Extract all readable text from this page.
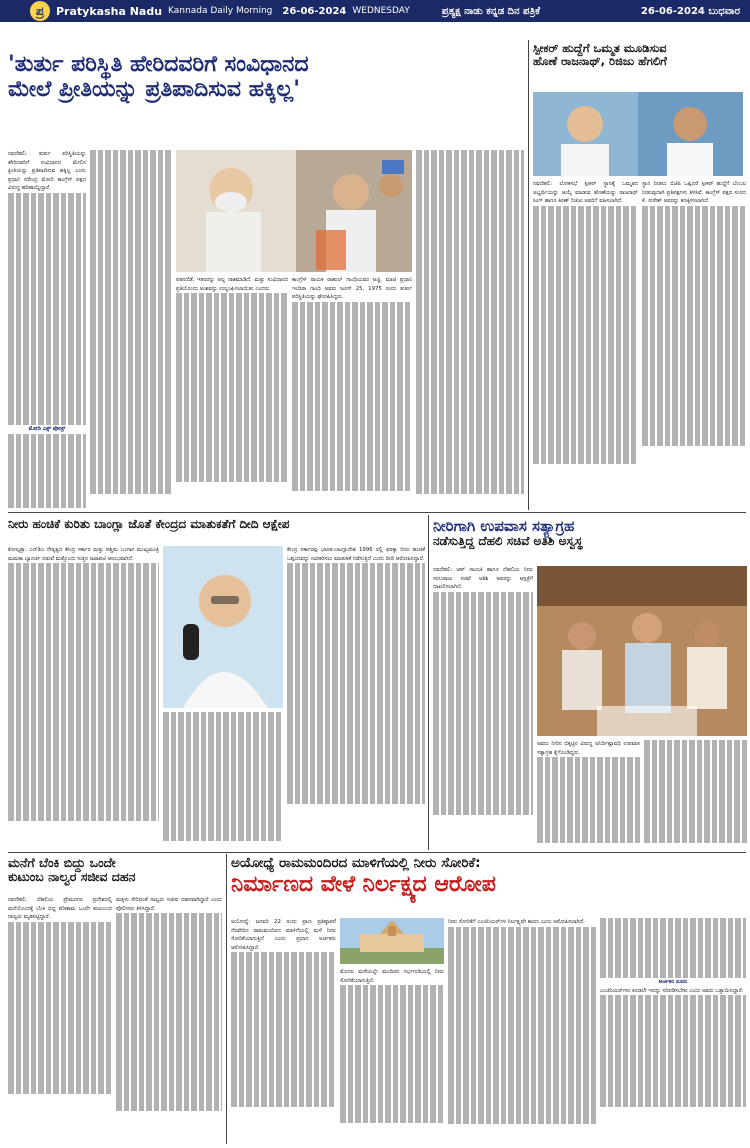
ಪ್ರ	Pratykasha Nadu Kannada Daily Morning 26-06-2024 WEDNESDAY	ಪ್ರತ್ಯಕ್ಷ ನಾಡು ಕನ್ನಡ ದಿನ ಪತ್ರಿಕೆ	26-06-2024 ಬುಧವಾರ
'ತುರ್ತು ಪರಿಸ್ಥಿತಿ ಹೇರಿದವರಿಗೆ ಸಂವಿಧಾನದ
ಮೇಲೆ ಪ್ರೀತಿಯನ್ನು ಪ್ರತಿಪಾದಿಸುವ ಹಕ್ಕಿಲ್ಲ'
ನವದೆಹಲಿ: ತುರ್ತು ಪರಿಸ್ಥಿತಿಯನ್ನು ಹೇರಿದವರಿಗೆ ಸಂವಿಧಾನದ ಮೇಲಿನ ಪ್ರೀತಿಯನ್ನು ಪ್ರತಿಪಾದಿಸುವ ಹಕ್ಕಿಲ್ಲ ಎಂದು ಪ್ರಧಾನಿ ನರೇಂದ್ರ ಮೋದಿ ಕಾಂಗ್ರೆಸ್ ಪಕ್ಷದ ವಿರುದ್ಧ ಹರಿಹಾಯ್ದಿದ್ದಾರೆ.
ಮೋದಿ ಎಕ್ಸ್ ಪೋಸ್ಟ್
ಪತನದೆಡೆ, ಇತರರನ್ನು ಅಲ್ಲ ನಾಶಮಾಡಿದೆ. ಮತ್ತು ಸಂವಿಧಾನದ ಪ್ರತಿಯೊಂದು ಅಂಶವನ್ನು ಉಲ್ಲಂಘಿಸಲಾಯಿತು ಎಂದರು.
ಕಾಂಗ್ರೆಸ್ ನಾಯಕ ರಾಹುಲ್ ಗಾಂಧಿಯವರ ಅಜ್ಜಿ, ಮಾಜಿ ಪ್ರಧಾನಿ ಇಂದಿರಾ ಗಾಂಧಿ ಅವರು ಜೂನ್ 25, 1975 ರಂದು ತುರ್ತು ಪರಿಸ್ಥಿತಿಯನ್ನು ಘೋಷಿಸಿದ್ದರು.
ಸ್ಪೀಕರ್ ಹುದ್ದೆಗೆ ಒಮ್ಮತ ಮೂಡಿಸುವ
ಹೊಣೆ ರಾಜನಾಥ್, ರಿಜಿಜು ಹೆಗಲಿಗೆ
ನವದೆಹಲಿ: ಲೋಕಸಭೆ ಸ್ಪೀಕರ್ ಸ್ಥಾನಕ್ಕೆ ಒಮ್ಮತದ ಅಭ್ಯರ್ಥಿಯನ್ನು ಆಯ್ಕೆ ಮಾಡುವ ಹೊಣೆಯನ್ನು ರಾಜನಾಥ್ ಸಿಂಗ್ ಹಾಗೂ ಕಿರಣ್ ರಿಜಿಜು ಅವರಿಗೆ ವಹಿಸಲಾಗಿದೆ.
ಸ್ಥಾನ ನೀಡಲು ಬಿಜೆಪಿ ಒಪ್ಪಿದರೆ ಸ್ಪೀಕರ್ ಹುದ್ದೆಗೆ ಬೆಂಬಲ ನೀಡುವುದಾಗಿ ಪ್ರತಿಪಕ್ಷಗಳು ತಿಳಿಸಿವೆ. ಕಾಂಗ್ರೆಸ್ ಪಕ್ಷದ ಸಂಸದ ಕೆ. ಸುರೇಶ್ ಅವರನ್ನು ಕಣಕ್ಕಿಳಿಸಲಾಗಿದೆ.
ನೀರು ಹಂಚಿಕೆ ಕುರಿತು ಬಾಂಗ್ಲಾ ಜೊತೆ ಕೇಂದ್ರದ ಮಾತುಕತೆಗೆ ದೀದಿ ಆಕ್ಷೇಪ
ಕೋಲ್ಕತ್ತಾ: ಎನ್‌ಡಿಎ ನೇತೃತ್ವದ ಕೇಂದ್ರ ಸರ್ಕಾರ ಮತ್ತು ಪಶ್ಚಿಮ ಬಂಗಾಳ ಮುಖ್ಯಮಂತ್ರಿ ಮಮತಾ ಬ್ಯಾನರ್ಜಿ ನಡುವೆ ಮತ್ತೊಂದು ಸುತ್ತಿನ ಜಟಾಪಟಿ ಆರಂಭವಾಗಿದೆ.
ಕೇಂದ್ರ ಸರ್ಕಾರವು ಭಾರತ-ಬಾಂಗ್ಲಾದೇಶ 1996 ರಲ್ಲಿ ಫರಕ್ಕಾ ನೀರು ಹಂಚಿಕೆ ಒಪ್ಪಂದವನ್ನು ನವೀಕರಿಸಲು ಮಾತುಕತೆ ನಡೆಸುತ್ತಿದೆ ಎಂದು ದೀದಿ ಆರೋಪಿಸಿದ್ದಾರೆ.
ನೀರಿಗಾಗಿ ಉಪವಾಸ ಸತ್ಯಾಗ್ರಹ
ನಡೆಸುತ್ತಿದ್ದ ದೆಹಲಿ ಸಚಿವೆ ಅತಿಶಿ ಅಸ್ವಸ್ಥ
ನವದೆಹಲಿ: ಆಪ್ ನಾಯಕಿ ಹಾಗೂ ದೆಹಲಿಯ ನೀರು ಸರಬರಾಜು ಸಚಿವೆ ಅತಿಶಿ ಅವರನ್ನು ಆಸ್ಪತ್ರೆಗೆ ದಾಖಲಿಸಲಾಗಿದೆ.
ಅವರು ನೀರಿನ ಬಿಕ್ಕಟ್ಟಿನ ವಿರುದ್ಧ ಅನಿರ್ದಿಷ್ಟಾವಧಿ ಉಪವಾಸ ಸತ್ಯಾಗ್ರಹ ಕೈಗೊಂಡಿದ್ದರು.
ಮನೆಗೆ ಬೆಂಕಿ ಬಿದ್ದು ಒಂದೇ
ಕುಟುಂಬ ನಾಲ್ವರ ಸಜೀವ ದಹನ
ನವದೆಹಲಿ: ದೆಹಲಿಯ ಪ್ರೇಮನಗರ ಪ್ರದೇಶದಲ್ಲಿ ಮನೆಯೊಂದಕ್ಕೆ ಬೆಂಕಿ ಬಿದ್ದ ಪರಿಣಾಮ ಒಂದೇ ಕುಟುಂಬದ ನಾಲ್ವರು ಮೃತಪಟ್ಟಿದ್ದಾರೆ.
ಮಕ್ಕಳು ಸೇರಿದಂತೆ ನಾಲ್ವರು ಸಜೀವ ದಹನವಾಗಿದ್ದಾರೆ ಎಂದು ಪೊಲೀಸರು ತಿಳಿಸಿದ್ದಾರೆ.
ಅಯೋಧ್ಯೆ ರಾಮಮಂದಿರದ ಮಾಳಿಗೆಯಲ್ಲಿ ನೀರು ಸೋರಿಕೆ:
ನಿರ್ಮಾಣದ ವೇಳೆ ನಿರ್ಲಕ್ಷ್ಯದ ಆರೋಪ
ಅಯೋಧ್ಯೆ: ಜನವರಿ 22 ರಂದು ಪ್ರಾಣ ಪ್ರತಿಷ್ಠಾಪನೆ ನೆರವೇರಿದ ರಾಮಮಂದಿರದ ಮಾಳಿಗೆಯಲ್ಲಿ ಮಳೆ ನೀರು ಸೋರಿಕೆಯಾಗುತ್ತಿದೆ ಎಂದು ಪ್ರಧಾನ ಅರ್ಚಕರು ಆರೋಪಿಸಿದ್ದಾರೆ.
ಮೊದಲ ಮಳೆಯಲ್ಲೇ ಮಂದಿರದ ಗರ್ಭಗುಡಿಯಲ್ಲಿ ನೀರು ಸೋರಿಕೆಯಾಗುತ್ತಿದೆ.
ನೀರು ಸೋರಿಕೆಗೆ ಎಂಜಿನಿಯರ್‌ಗಳ ನಿರ್ಲಕ್ಷ್ಯವೇ ಕಾರಣ ಎಂದು ಆರೋಪಿಸಲಾಗಿದೆ.
ಅರ್ಚಕರ ದೂರು
ಎಂಜಿನಿಯರ್‌ಗಳು ಕೂಡಲೇ ಇದನ್ನು ಸರಿಪಡಿಸಬೇಕು ಎಂದು ಅವರು ಒತ್ತಾಯಿಸಿದ್ದಾರೆ.
